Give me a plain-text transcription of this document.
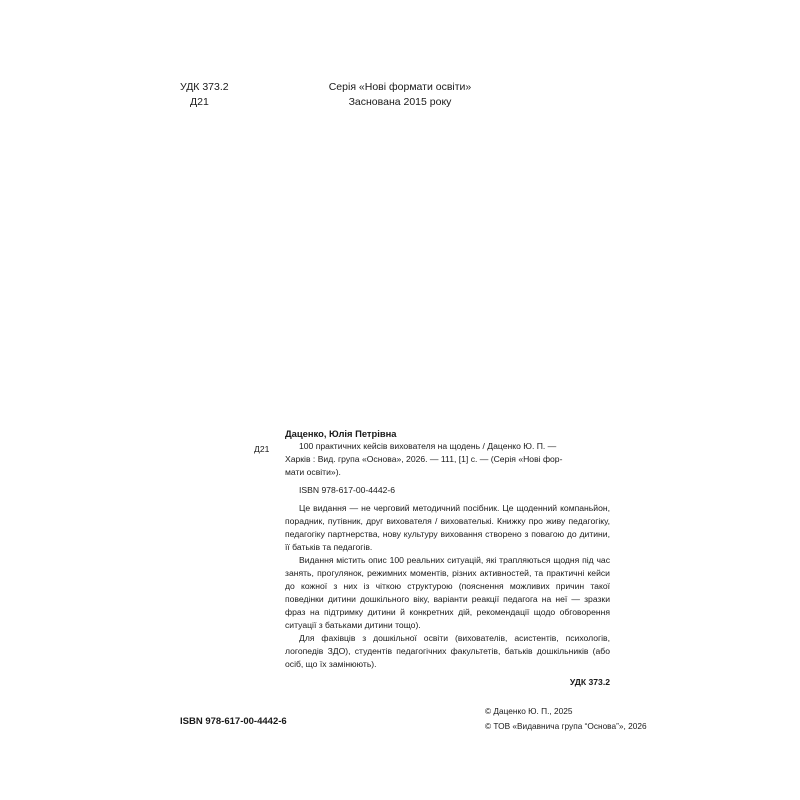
УДК 373.2
Д21
Серія «Нові формати освіти»
Заснована 2015 року
Д21
Даценко, Юлія Петрівна
100 практичних кейсів вихователя на щодень / Даценко Ю. П. —
Харків : Вид. група «Основа», 2026. — 111, [1] с. — (Серія «Нові фор-
мати освіти»).
ISBN 978-617-00-4442-6

Це видання — не черговий методичний посібник. Це щоденний компаньйон, порадник, путівник, друг вихователя / вихователькі. Книжку про живу педагогіку, педагогіку партнерства, нову культуру виховання створено з повагою до дитини, її батьків та педагогів.

Видання містить опис 100 реальних ситуацій, які трапляються щодня під час занять, прогулянок, режимних моментів, різних активностей, та практичні кейси до кожної з них із чіткою структурою (пояснення можливих причин такої поведінки дитини дошкільного віку, варіанти реакції педагога на неї — зразки фраз на підтримку дитини й конкретних дій, рекомендації щодо обговорення ситуації з батьками дитини тощо).

Для фахівців з дошкільної освіти (вихователів, асистентів, психологів, логопедів ЗДО), студентів педагогічних факультетів, батьків дошкільників (або осіб, що їх замінюють).

УДК 373.2
ISBN 978-617-00-4442-6
© Даценко Ю. П., 2025
© ТОВ «Видавнича група “Основа”», 2026
